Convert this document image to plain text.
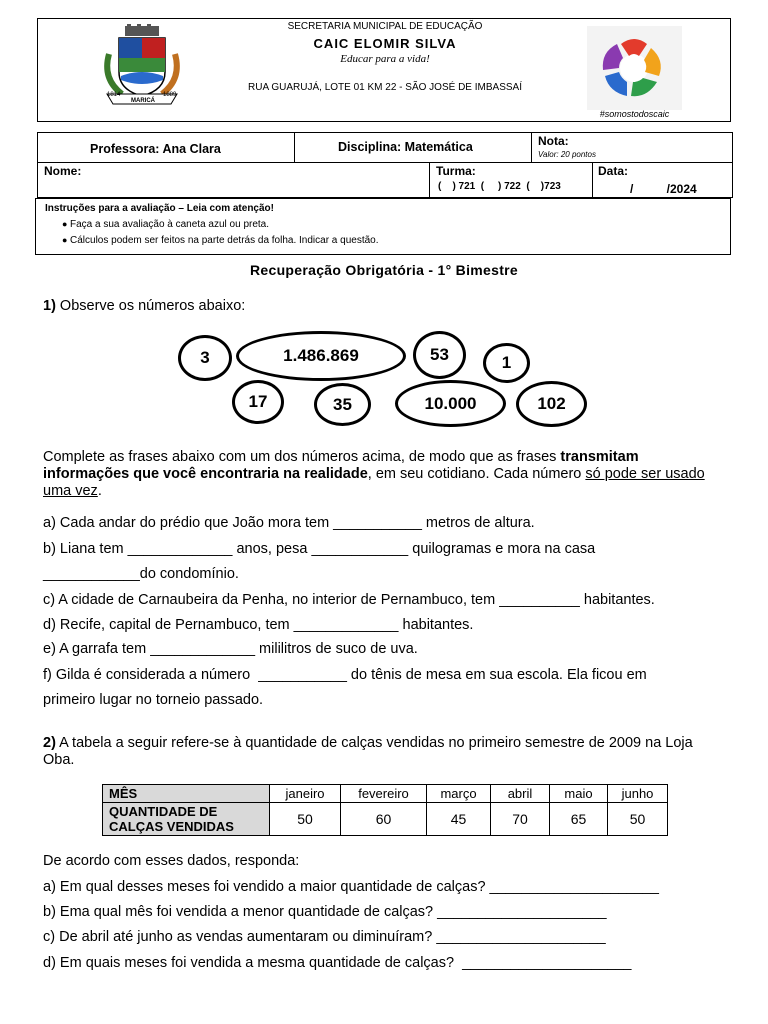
1814	1889
MARICÁ
SECRETARIA MUNICIPAL DE EDUCAÇÃO
CAIC ELOMIR SILVA
Educar para a vida!
RUA GUARUJÁ, LOTE 01 KM 22 - SÃO JOSÉ DE IMBASSAÍ
#somostodoscaic
Professora: Ana Clara	Disciplina: Matemática	Nota:
Valor: 20 pontos
Nome:	Turma:
(    ) 721  (     ) 722  (    )723
Data:
/          /2024
Instruções para a avaliação – Leia com atenção!
● Faça a sua avaliação à caneta azul ou preta.
● Cálculos podem ser feitos na parte detrás da folha. Indicar a questão.
Recuperação Obrigatória - 1° Bimestre
1) Observe os números abaixo:
3	1.486.869	53	1
17	35	10.000	102
Complete as frases abaixo com um dos números acima, de modo que as frases transmitam informações que você encontraria na realidade, em seu cotidiano. Cada número só pode ser usado uma vez.
a) Cada andar do prédio que João mora tem ___________ metros de altura.
b) Liana tem _____________ anos, pesa ____________ quilogramas e mora na casa
____________do condomínio.
c) A cidade de Carnaubeira da Penha, no interior de Pernambuco, tem __________ habitantes.
d) Recife, capital de Pernambuco, tem _____________ habitantes.
e) A garrafa tem _____________ mililitros de suco de uva.
f) Gilda é considerada a número  ___________ do tênis de mesa em sua escola. Ela ficou em
primeiro lugar no torneio passado.
2) A tabela a seguir refere-se à quantidade de calças vendidas no primeiro semestre de 2009 na Loja Oba.
MÊS	janeiro	fevereiro	março	abril	maio	junho
QUANTIDADE DE CALÇAS VENDIDAS	50	60	45	70	65	50
De acordo com esses dados, responda:
a) Em qual desses meses foi vendido a maior quantidade de calças? _____________________
b) Ema qual mês foi vendida a menor quantidade de calças? _____________________
c) De abril até junho as vendas aumentaram ou diminuíram? _____________________
d) Em quais meses foi vendida a mesma quantidade de calças?  _____________________
